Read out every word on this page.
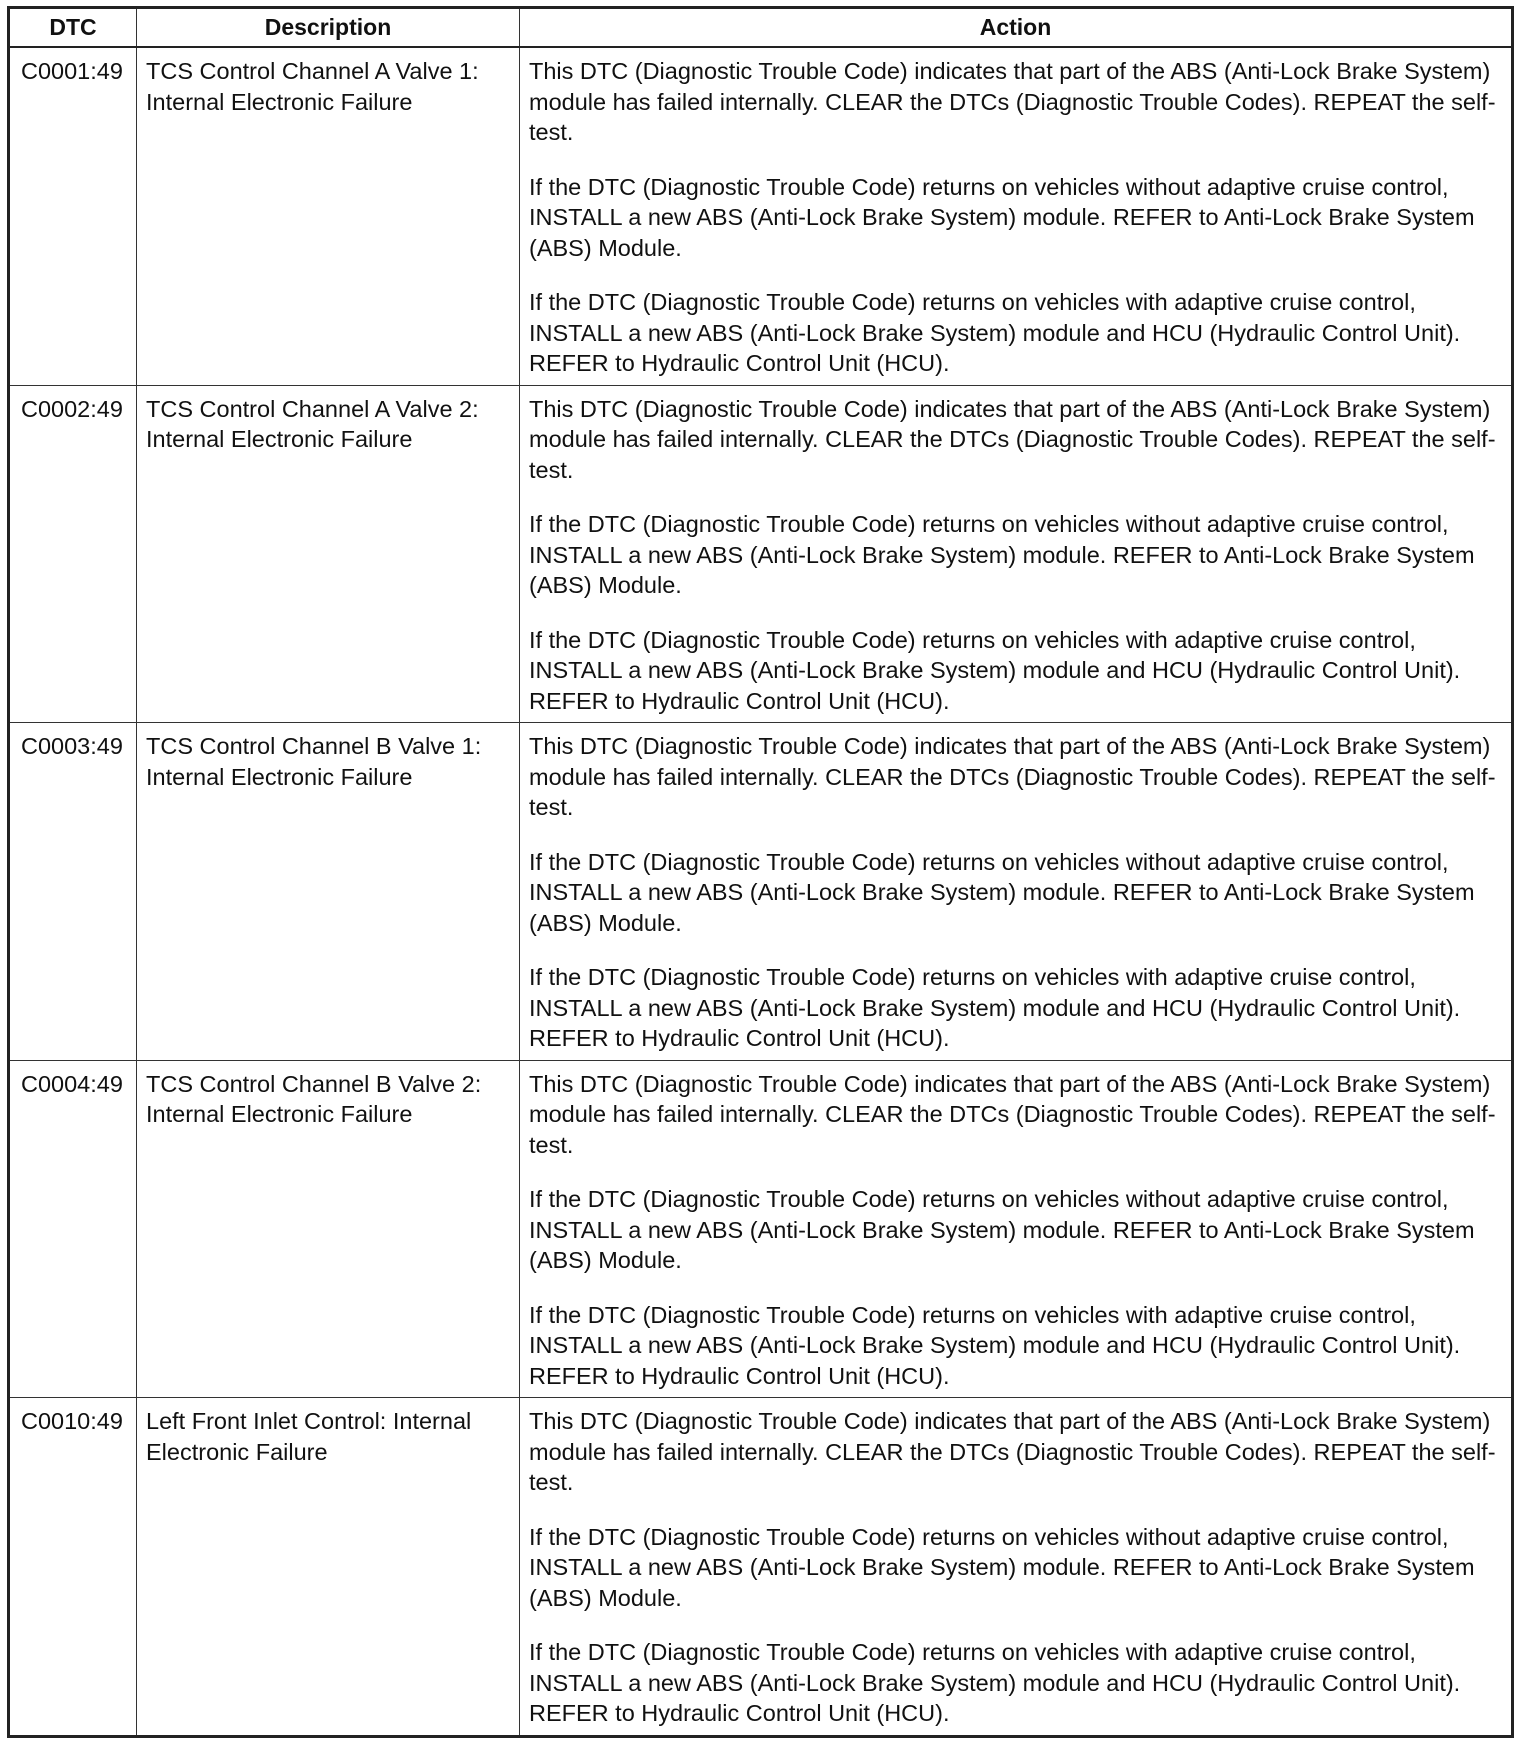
DTC	Description	Action
C0001:49	TCS Control Channel A Valve 1: Internal Electronic Failure	This DTC (Diagnostic Trouble Code) indicates that part of the ABS (Anti-Lock Brake System) module has failed internally. CLEAR the DTCs (Diagnostic Trouble Codes). REPEAT the self-test.

If the DTC (Diagnostic Trouble Code) returns on vehicles without adaptive cruise control, INSTALL a new ABS (Anti-Lock Brake System) module. REFER to Anti-Lock Brake System (ABS) Module.

If the DTC (Diagnostic Trouble Code) returns on vehicles with adaptive cruise control, INSTALL a new ABS (Anti-Lock Brake System) module and HCU (Hydraulic Control Unit). REFER to Hydraulic Control Unit (HCU).

C0002:49	TCS Control Channel A Valve 2: Internal Electronic Failure	This DTC (Diagnostic Trouble Code) indicates that part of the ABS (Anti-Lock Brake System) module has failed internally. CLEAR the DTCs (Diagnostic Trouble Codes). REPEAT the self-test.

If the DTC (Diagnostic Trouble Code) returns on vehicles without adaptive cruise control, INSTALL a new ABS (Anti-Lock Brake System) module. REFER to Anti-Lock Brake System (ABS) Module.

If the DTC (Diagnostic Trouble Code) returns on vehicles with adaptive cruise control, INSTALL a new ABS (Anti-Lock Brake System) module and HCU (Hydraulic Control Unit). REFER to Hydraulic Control Unit (HCU).

C0003:49	TCS Control Channel B Valve 1: Internal Electronic Failure	This DTC (Diagnostic Trouble Code) indicates that part of the ABS (Anti-Lock Brake System) module has failed internally. CLEAR the DTCs (Diagnostic Trouble Codes). REPEAT the self-test.

If the DTC (Diagnostic Trouble Code) returns on vehicles without adaptive cruise control, INSTALL a new ABS (Anti-Lock Brake System) module. REFER to Anti-Lock Brake System (ABS) Module.

If the DTC (Diagnostic Trouble Code) returns on vehicles with adaptive cruise control, INSTALL a new ABS (Anti-Lock Brake System) module and HCU (Hydraulic Control Unit). REFER to Hydraulic Control Unit (HCU).

C0004:49	TCS Control Channel B Valve 2: Internal Electronic Failure	This DTC (Diagnostic Trouble Code) indicates that part of the ABS (Anti-Lock Brake System) module has failed internally. CLEAR the DTCs (Diagnostic Trouble Codes). REPEAT the self-test.

If the DTC (Diagnostic Trouble Code) returns on vehicles without adaptive cruise control, INSTALL a new ABS (Anti-Lock Brake System) module. REFER to Anti-Lock Brake System (ABS) Module.

If the DTC (Diagnostic Trouble Code) returns on vehicles with adaptive cruise control, INSTALL a new ABS (Anti-Lock Brake System) module and HCU (Hydraulic Control Unit). REFER to Hydraulic Control Unit (HCU).

C0010:49	Left Front Inlet Control: Internal Electronic Failure	This DTC (Diagnostic Trouble Code) indicates that part of the ABS (Anti-Lock Brake System) module has failed internally. CLEAR the DTCs (Diagnostic Trouble Codes). REPEAT the self-test.

If the DTC (Diagnostic Trouble Code) returns on vehicles without adaptive cruise control, INSTALL a new ABS (Anti-Lock Brake System) module. REFER to Anti-Lock Brake System (ABS) Module.

If the DTC (Diagnostic Trouble Code) returns on vehicles with adaptive cruise control, INSTALL a new ABS (Anti-Lock Brake System) module and HCU (Hydraulic Control Unit). REFER to Hydraulic Control Unit (HCU).
